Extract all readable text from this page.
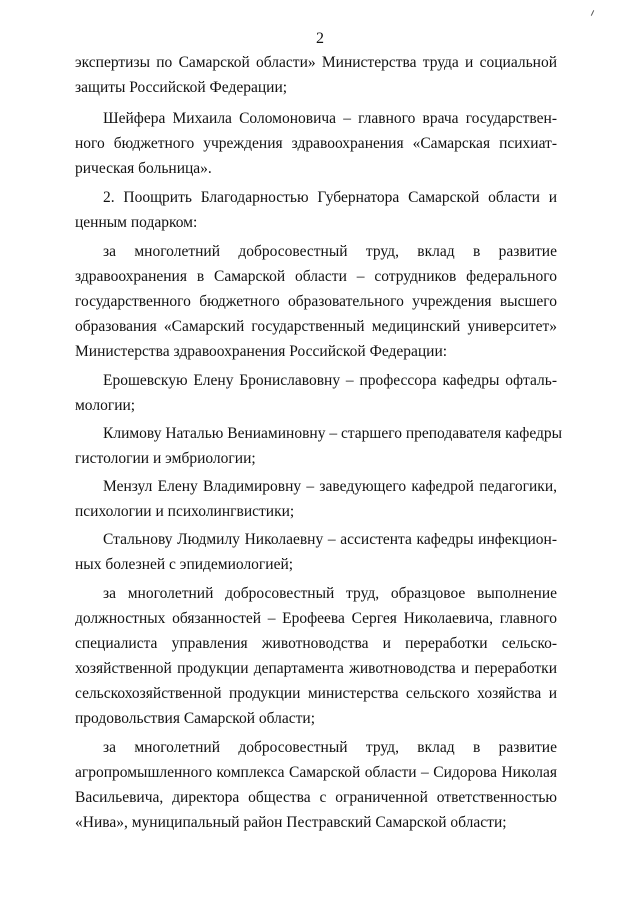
2
экспертизы по Самарской области» Министерства труда и социальной
защиты Российской Федерации;
Шейфера Михаила Соломоновича – главного врача государствен-
ного бюджетного учреждения здравоохранения «Самарская психиат-
рическая больница».
2. Поощрить Благодарностью Губернатора Самарской области и
ценным подарком:
за многолетний добросовестный труд, вклад в развитие
здравоохранения в Самарской области – сотрудников федерального
государственного бюджетного образовательного учреждения высшего
образования «Самарский государственный медицинский университет»
Министерства здравоохранения Российской Федерации:
Ерошевскую Елену Брониславовну – профессора кафедры офталь-
мологии;
Климову Наталью Вениаминовну – старшего преподавателя кафедры
гистологии и эмбриологии;
Мензул Елену Владимировну – заведующего кафедрой педагогики,
психологии и психолингвистики;
Стальнову Людмилу Николаевну – ассистента кафедры инфекцион-
ных болезней с эпидемиологией;
за многолетний добросовестный труд, образцовое выполнение
должностных обязанностей – Ерофеева Сергея Николаевича, главного
специалиста управления животноводства и переработки сельско-
хозяйственной продукции департамента животноводства и переработки
сельскохозяйственной продукции министерства сельского хозяйства и
продовольствия Самарской области;
за многолетний добросовестный труд, вклад в развитие
агропромышленного комплекса Самарской области – Сидорова Николая
Васильевича, директора общества с ограниченной ответственностью
«Нива», муниципальный район Пестравский Самарской области;
